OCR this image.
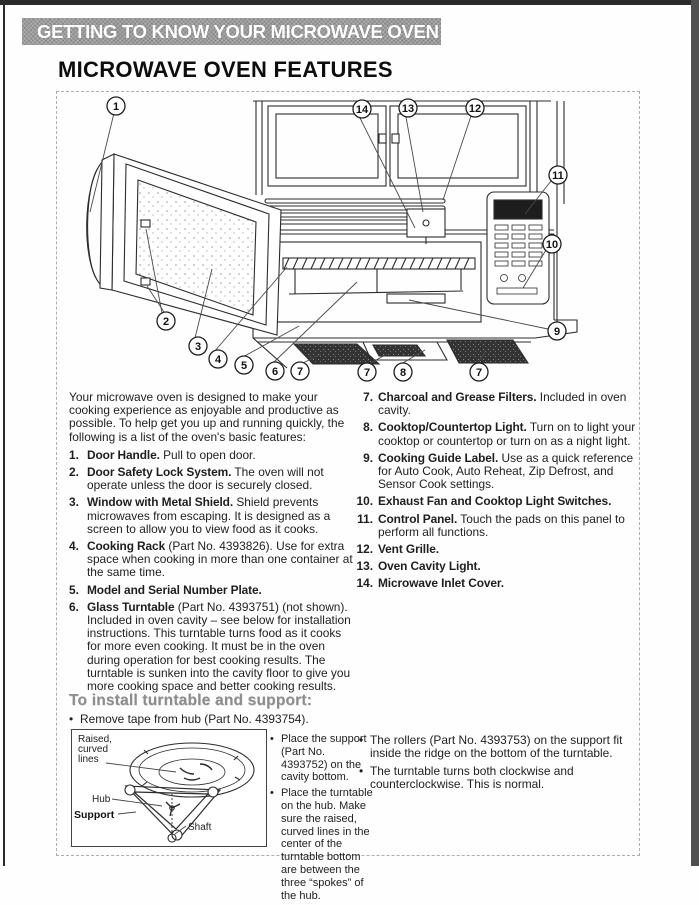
GETTING TO KNOW YOUR MICROWAVE OVEN
MICROWAVE OVEN FEATURES
1
2
3
4 5 6 7	7	8	7
9
10
11
12
13
14

Your microwave oven is designed to make your cooking experience as enjoyable and productive as possible. To help get you up and running quickly, the following is a list of the oven's basic features:

1. Door Handle. Pull to open door.
2. Door Safety Lock System. The oven will not operate unless the door is securely closed.
3. Window with Metal Shield. Shield prevents microwaves from escaping. It is designed as a screen to allow you to view food as it cooks.
4. Cooking Rack (Part No. 4393826). Use for extra space when cooking in more than one container at the same time.
5. Model and Serial Number Plate.
6. Glass Turntable (Part No. 4393751) (not shown). Included in oven cavity – see below for installation instructions. This turntable turns food as it cooks for more even cooking. It must be in the oven during operation for best cooking results. The turntable is sunken into the cavity floor to give you more cooking space and better cooking results.
7. Charcoal and Grease Filters. Included in oven cavity.
8. Cooktop/Countertop Light. Turn on to light your cooktop or countertop or turn on as a night light.
9. Cooking Guide Label. Use as a quick reference for Auto Cook, Auto Reheat, Zip Defrost, and Sensor Cook settings.
10. Exhaust Fan and Cooktop Light Switches.
11. Control Panel. Touch the pads on this panel to perform all functions.
12. Vent Grille.
13. Oven Cavity Light.
14. Microwave Inlet Cover.
To install turntable and support:
• Remove tape from hub (Part No. 4393754).
Raised,
curved
lines
Hub
Support
Shaft
• Place the support (Part No. 4393752) on the cavity bottom.
• Place the turntable on the hub. Make sure the raised, curved lines in the center of the turntable bottom are between the three “spokes” of the hub.
• The rollers (Part No. 4393753) on the support fit inside the ridge on the bottom of the turntable.
• The turntable turns both clockwise and counterclockwise. This is normal.
